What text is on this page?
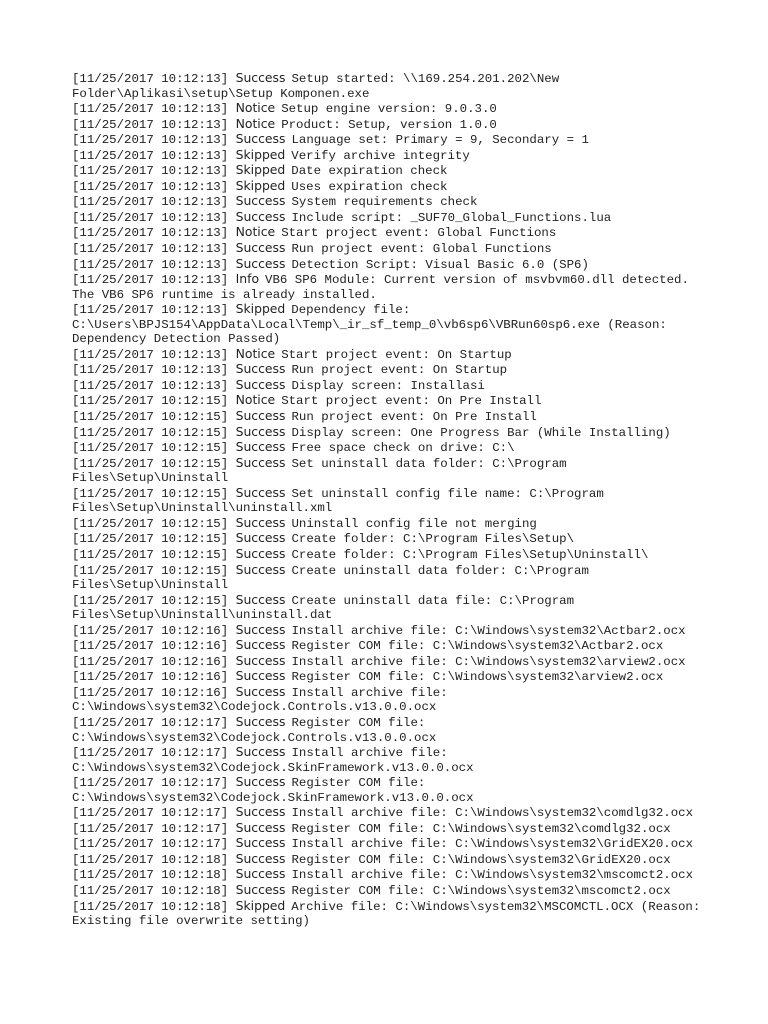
[11/25/2017 10:12:13] Success Setup started: \\169.254.201.202\New Folder\Aplikasi\setup\Setup Komponen.exe
[11/25/2017 10:12:13] Notice Setup engine version: 9.0.3.0
[11/25/2017 10:12:13] Notice Product: Setup, version 1.0.0
[11/25/2017 10:12:13] Success Language set: Primary = 9, Secondary = 1
[11/25/2017 10:12:13] Skipped Verify archive integrity
[11/25/2017 10:12:13] Skipped Date expiration check
[11/25/2017 10:12:13] Skipped Uses expiration check
[11/25/2017 10:12:13] Success System requirements check
[11/25/2017 10:12:13] Success Include script: _SUF70_Global_Functions.lua
[11/25/2017 10:12:13] Notice Start project event: Global Functions
[11/25/2017 10:12:13] Success Run project event: Global Functions
[11/25/2017 10:12:13] Success Detection Script: Visual Basic 6.0 (SP6)
[11/25/2017 10:12:13] Info VB6 SP6 Module: Current version of msvbvm60.dll detected. The VB6 SP6 runtime is already installed.
[11/25/2017 10:12:13] Skipped Dependency file: C:\Users\BPJS154\AppData\Local\Temp\_ir_sf_temp_0\vb6sp6\VBRun60sp6.exe (Reason: Dependency Detection Passed)
[11/25/2017 10:12:13] Notice Start project event: On Startup
[11/25/2017 10:12:13] Success Run project event: On Startup
[11/25/2017 10:12:13] Success Display screen: Installasi
[11/25/2017 10:12:15] Notice Start project event: On Pre Install
[11/25/2017 10:12:15] Success Run project event: On Pre Install
[11/25/2017 10:12:15] Success Display screen: One Progress Bar (While Installing)
[11/25/2017 10:12:15] Success Free space check on drive: C:\
[11/25/2017 10:12:15] Success Set uninstall data folder: C:\Program Files\Setup\Uninstall
[11/25/2017 10:12:15] Success Set uninstall config file name: C:\Program Files\Setup\Uninstall\uninstall.xml
[11/25/2017 10:12:15] Success Uninstall config file not merging
[11/25/2017 10:12:15] Success Create folder: C:\Program Files\Setup\
[11/25/2017 10:12:15] Success Create folder: C:\Program Files\Setup\Uninstall\
[11/25/2017 10:12:15] Success Create uninstall data folder: C:\Program Files\Setup\Uninstall
[11/25/2017 10:12:15] Success Create uninstall data file: C:\Program Files\Setup\Uninstall\uninstall.dat
[11/25/2017 10:12:16] Success Install archive file: C:\Windows\system32\Actbar2.ocx
[11/25/2017 10:12:16] Success Register COM file: C:\Windows\system32\Actbar2.ocx
[11/25/2017 10:12:16] Success Install archive file: C:\Windows\system32\arview2.ocx
[11/25/2017 10:12:16] Success Register COM file: C:\Windows\system32\arview2.ocx
[11/25/2017 10:12:16] Success Install archive file: C:\Windows\system32\Codejock.Controls.v13.0.0.ocx
[11/25/2017 10:12:17] Success Register COM file: C:\Windows\system32\Codejock.Controls.v13.0.0.ocx
[11/25/2017 10:12:17] Success Install archive file: C:\Windows\system32\Codejock.SkinFramework.v13.0.0.ocx
[11/25/2017 10:12:17] Success Register COM file: C:\Windows\system32\Codejock.SkinFramework.v13.0.0.ocx
[11/25/2017 10:12:17] Success Install archive file: C:\Windows\system32\comdlg32.ocx
[11/25/2017 10:12:17] Success Register COM file: C:\Windows\system32\comdlg32.ocx
[11/25/2017 10:12:17] Success Install archive file: C:\Windows\system32\GridEX20.ocx
[11/25/2017 10:12:18] Success Register COM file: C:\Windows\system32\GridEX20.ocx
[11/25/2017 10:12:18] Success Install archive file: C:\Windows\system32\mscomct2.ocx
[11/25/2017 10:12:18] Success Register COM file: C:\Windows\system32\mscomct2.ocx
[11/25/2017 10:12:18] Skipped Archive file: C:\Windows\system32\MSCOMCTL.OCX (Reason: Existing file overwrite setting)
